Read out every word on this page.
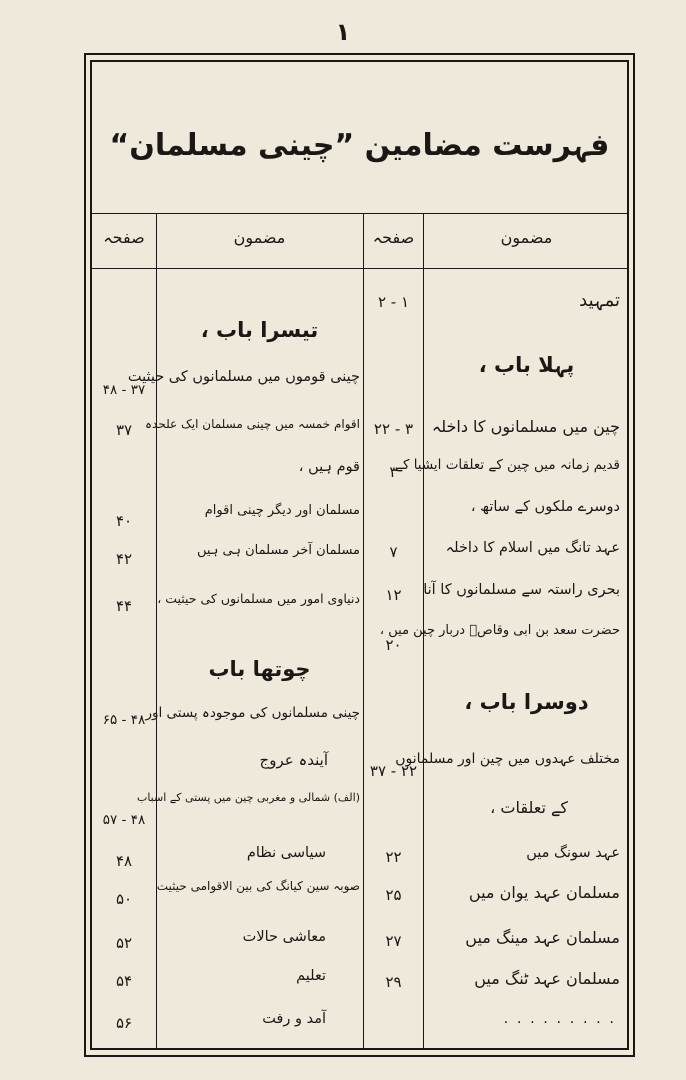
۱
فہرست مضامین ”چینی مسلمان“
مضمون
صفحہ
مضمون
صفحہ
تمہید
۱ - ۲
پہلا باب ،
چین میں مسلمانوں کا داخلہ
۳ - ۲۲
قدیم زمانہ میں چین کے تعلقات ایشیا کے
۳
دوسرے ملکوں کے ساتھ ،
عہد تانگ میں اسلام کا داخلہ
۷
بحری راستہ سے مسلمانوں کا آنا
۱۲
حضرت سعد بن ابی وقاصؓ دربار چین میں ،
۲۰
دوسرا باب ،
مختلف عہدوں میں چین اور مسلمانوں
۲۲ - ۳۷
کے تعلقات ،
عہد سونگ میں
۲۲
مسلمان عہد یوان میں
۲۵
مسلمان عہد مینگ میں
۲۷
مسلمان عہد ٹنگ میں
۲۹
. . . . . . . . .
تیسرا باب ،
چینی قوموں میں مسلمانوں کی حیثیت
۳۷ - ۴۸
اقوام خمسہ میں چینی مسلمان ایک علحدہ
۳۷
قوم ہیں ،
مسلمان اور دیگر چینی اقوام
۴۰
مسلمان آخر مسلمان ہی ہیں
۴۲
دنیاوی امور میں مسلمانوں کی حیثیت ،
۴۴
چوتھا باب
چینی مسلمانوں کی موجودہ پستی اور
۴۸ - ۶۵
آیندہ عروج
(الف) شمالی و مغربی چین میں پستی کے اسباب
۴۸ - ۵۷
سیاسی نظام
۴۸
صوبہ سین کیانگ کی بین الاقوامی حیثیت
۵۰
معاشی حالات
۵۲
تعلیم
۵۴
آمد و رفت
۵۶
